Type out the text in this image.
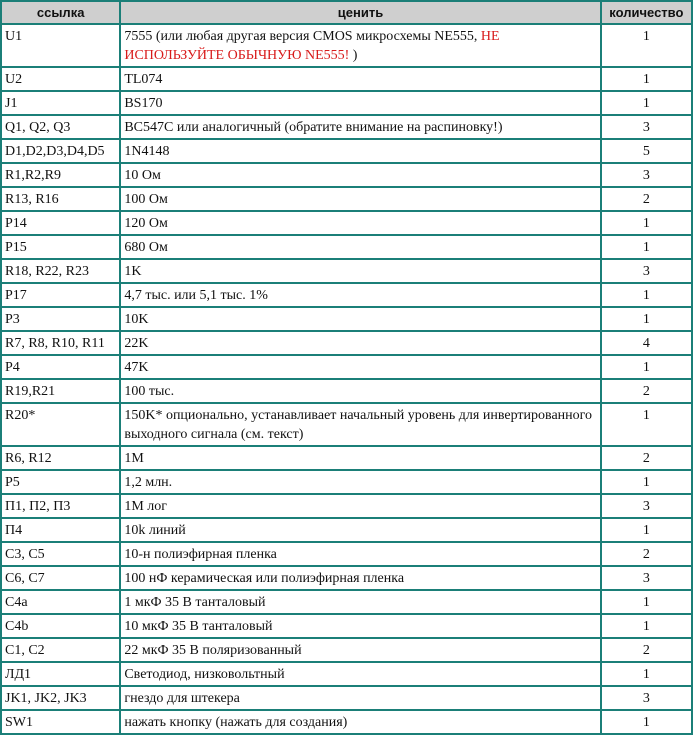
ссылка	ценить	количество
U1	7555 (или любая другая версия CMOS микросхемы NE555, НЕ ИСПОЛЬЗУЙТЕ ОБЫЧНУЮ NE555! )	1
U2	TL074	1
J1	BS170	1
Q1, Q2, Q3	BC547C или аналогичный (обратите внимание на распиновку!)	3
D1,D2,D3,D4,D5	1N4148	5
R1,R2,R9	10 Ом	3
R13, R16	100 Ом	2
P14	120 Ом	1
P15	680 Ом	1
R18, R22, R23	1K	3
P17	4,7 тыс. или 5,1 тыс. 1%	1
P3	10K	1
R7, R8, R10, R11	22K	4
P4	47K	1
R19,R21	100 тыс.	2
R20*	150K* опционально, устанавливает начальный уровень для инвертированного выходного сигнала (см. текст)	1
R6, R12	1M	2
P5	1,2 млн.	1
П1, П2, П3	1M лог	3
П4	10k линий	1
C3, C5	10-н полиэфирная пленка	2
C6, C7	100 нФ керамическая или полиэфирная пленка	3
C4a	1 мкФ 35 В танталовый	1
C4b	10 мкФ 35 В танталовый	1
C1, C2	22 мкФ 35 В поляризованный	2
ЛД1	Светодиод, низковольтный	1
JK1, JK2, JK3	гнездо для штекера	3
SW1	нажать кнопку (нажать для создания)	1
